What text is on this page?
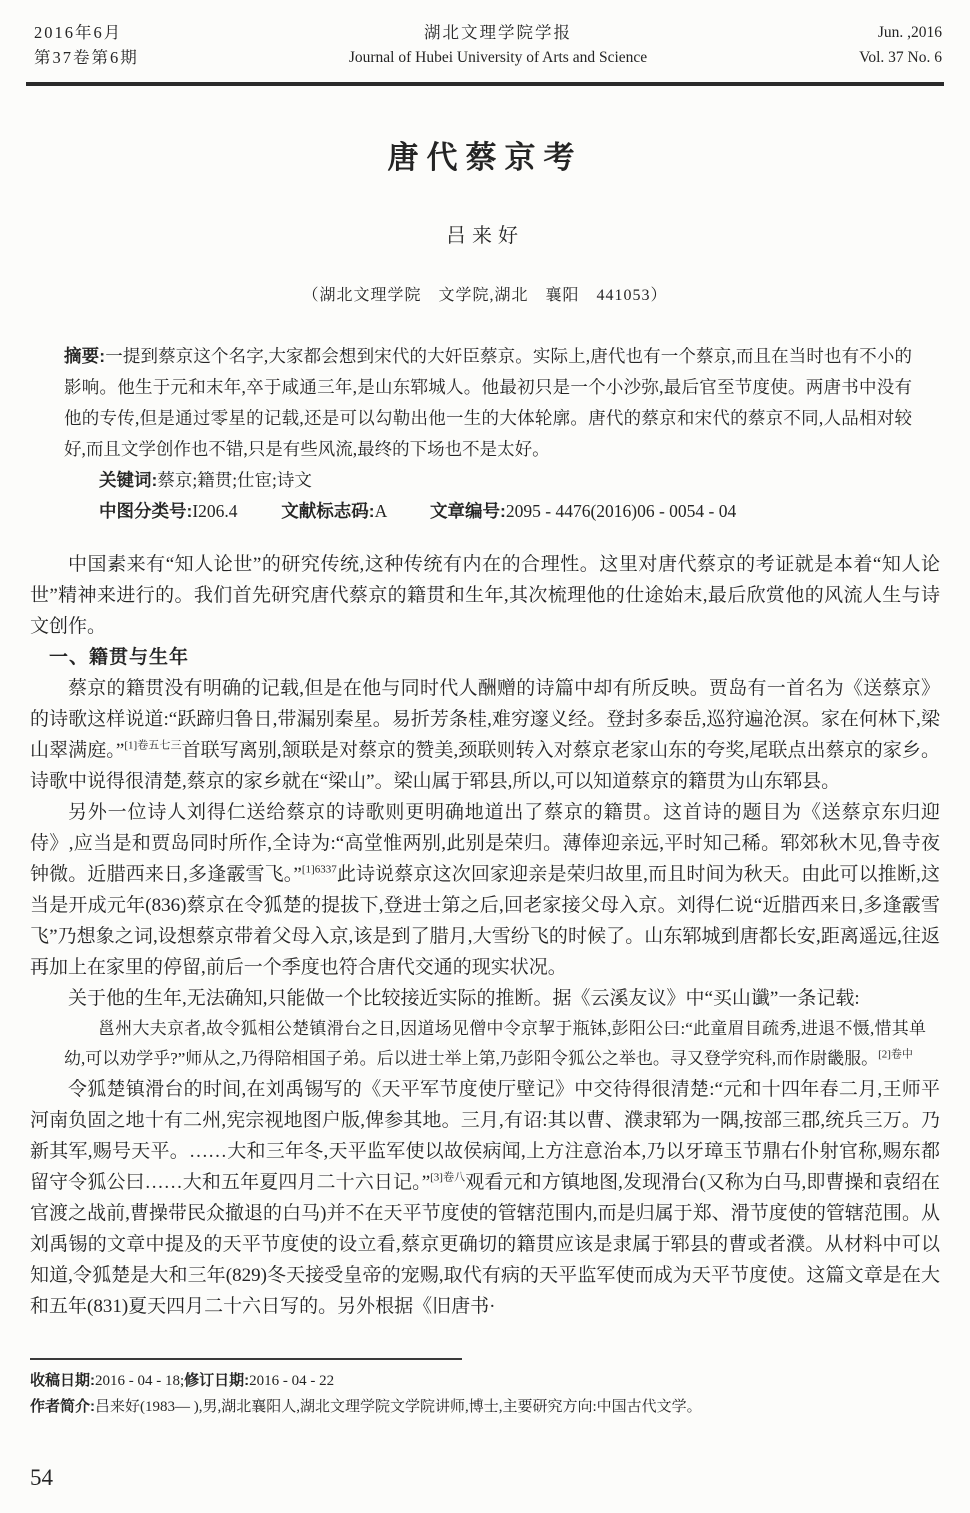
2016年6月
第37卷第6期
湖北文理学院学报
Journal of Hubei University of Arts and Science
Jun. ,2016
Vol. 37 No. 6
唐代蔡京考
吕来好
（湖北文理学院　文学院,湖北　襄阳　441053）
摘要:一提到蔡京这个名字,大家都会想到宋代的大奸臣蔡京。实际上,唐代也有一个蔡京,而且在当时也有不小的影响。他生于元和末年,卒于咸通三年,是山东郓城人。他最初只是一个小沙弥,最后官至节度使。两唐书中没有他的专传,但是通过零星的记载,还是可以勾勒出他一生的大体轮廓。唐代的蔡京和宋代的蔡京不同,人品相对较好,而且文学创作也不错,只是有些风流,最终的下场也不是太好。
关键词:蔡京;籍贯;仕宦;诗文
中图分类号:I206.4	文献标志码:A	文章编号:2095 - 4476(2016)06 - 0054 - 04

中国素来有“知人论世”的研究传统,这种传统有内在的合理性。这里对唐代蔡京的考证就是本着“知人论世”精神来进行的。我们首先研究唐代蔡京的籍贯和生年,其次梳理他的仕途始末,最后欣赏他的风流人生与诗文创作。

一、籍贯与生年

蔡京的籍贯没有明确的记载,但是在他与同时代人酬赠的诗篇中却有所反映。贾岛有一首名为《送蔡京》的诗歌这样说道:“跃蹄归鲁日,带漏别秦星。易折芳条桂,难穷邃义经。登封多泰岳,巡狩遍沧溟。家在何林下,梁山翠满庭。”$^{[1]卷五七三}$首联写离别,颔联是对蔡京的赞美,颈联则转入对蔡京老家山东的夸奖,尾联点出蔡京的家乡。诗歌中说得很清楚,蔡京的家乡就在“梁山”。梁山属于郓县,所以,可以知道蔡京的籍贯为山东郓县。

另外一位诗人刘得仁送给蔡京的诗歌则更明确地道出了蔡京的籍贯。这首诗的题目为《送蔡京东归迎侍》,应当是和贾岛同时所作,全诗为:“高堂惟两别,此别是荣归。薄俸迎亲远,平时知己稀。郓郊秋木见,鲁寺夜钟微。近腊西来日,多逢霰雪飞。”$^{[1]6337}$此诗说蔡京这次回家迎亲是荣归故里,而且时间为秋天。由此可以推断,这当是开成元年(836)蔡京在令狐楚的提拔下,登进士第之后,回老家接父母入京。刘得仁说“近腊西来日,多逢霰雪飞”乃想象之词,设想蔡京带着父母入京,该是到了腊月,大雪纷飞的时候了。山东郓城到唐都长安,距离遥远,往返再加上在家里的停留,前后一个季度也符合唐代交通的现实状况。

关于他的生年,无法确知,只能做一个比较接近实际的推断。据《云溪友议》中“买山谶”一条记载:

邕州大夫京者,故令狐相公楚镇滑台之日,因道场见僧中令京挈于瓶钵,彭阳公曰:“此童眉目疏秀,进退不慑,惜其单幼,可以劝学乎?”师从之,乃得陪相国子弟。后以进士举上第,乃彭阳令狐公之举也。寻又登学究科,而作尉畿服。$^{[2]卷中}$

令狐楚镇滑台的时间,在刘禹锡写的《天平军节度使厅壁记》中交待得很清楚:“元和十四年春二月,王师平河南负固之地十有二州,宪宗视地图户版,俾参其地。三月,有诏:其以曹、濮隶郓为一隅,按部三郡,统兵三万。乃新其军,赐号天平。……大和三年冬,天平监军使以故侯病闻,上方注意治本,乃以牙璋玉节鼎右仆射官称,赐东都留守令狐公曰……大和五年夏四月二十六日记。”$^{[3]卷八}$观看元和方镇地图,发现滑台(又称为白马,即曹操和袁绍在官渡之战前,曹操带民众撤退的白马)并不在天平节度使的管辖范围内,而是归属于郑、滑节度使的管辖范围。从刘禹锡的文章中提及的天平节度使的设立看,蔡京更确切的籍贯应该是隶属于郓县的曹或者濮。从材料中可以知道,令狐楚是大和三年(829)冬天接受皇帝的宠赐,取代有病的天平监军使而成为天平节度使。这篇文章是在大和五年(831)夏天四月二十六日写的。另外根据《旧唐书·

收稿日期:2016 - 04 - 18;修订日期:2016 - 04 - 22
作者简介:吕来好(1983— ),男,湖北襄阳人,湖北文理学院文学院讲师,博士,主要研究方向:中国古代文学。
54
